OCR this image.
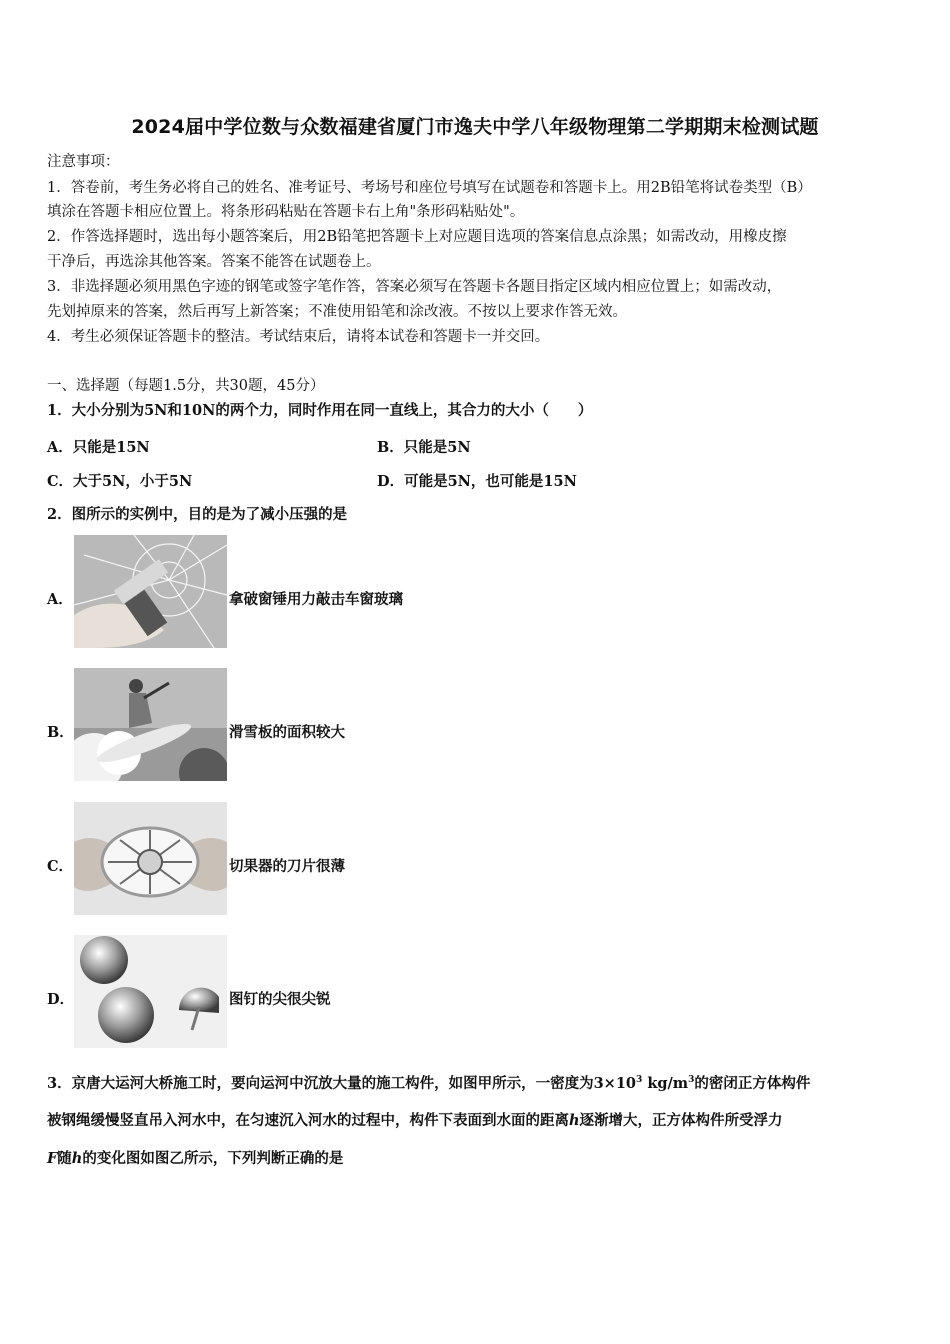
2024届中学位数与众数福建省厦门市逸夫中学八年级物理第二学期期末检测试题
注意事项：
1．答卷前，考生务必将自己的姓名、准考证号、考场号和座位号填写在试题卷和答题卡上。用2B铅笔将试卷类型（B）
填涂在答题卡相应位置上。将条形码粘贴在答题卡右上角"条形码粘贴处"。
2．作答选择题时，选出每小题答案后，用2B铅笔把答题卡上对应题目选项的答案信息点涂黑；如需改动，用橡皮擦
干净后，再选涂其他答案。答案不能答在试题卷上。
3．非选择题必须用黑色字迹的钢笔或签字笔作答，答案必须写在答题卡各题目指定区域内相应位置上；如需改动，
先划掉原来的答案，然后再写上新答案；不准使用铅笔和涂改液。不按以上要求作答无效。
4．考生必须保证答题卡的整洁。考试结束后，请将本试卷和答题卡一并交回。
一、选择题（每题1.5分，共30题，45分）
1．大小分别为5N和10N的两个力，同时作用在同一直线上，其合力的大小（　　）
A．只能是15N	B．只能是5N
C．大于5N，小于5N	D．可能是5N，也可能是15N
2．图所示的实例中，目的是为了减小压强的是
A．	拿破窗锤用力敲击车窗玻璃
B．	滑雪板的面积较大
C．	切果器的刀片很薄
D．	图钉的尖很尖锐
3．京唐大运河大桥施工时，要向运河中沉放大量的施工构件，如图甲所示，一密度为$3\times 10^3$ $kg/m^3$的密闭正方体构件
被钢绳缓慢竖直吊入河水中，在匀速沉入河水的过程中，构件下表面到水面的距离h逐渐增大，正方体构件所受浮力
F随h的变化图如图乙所示，下列判断正确的是
